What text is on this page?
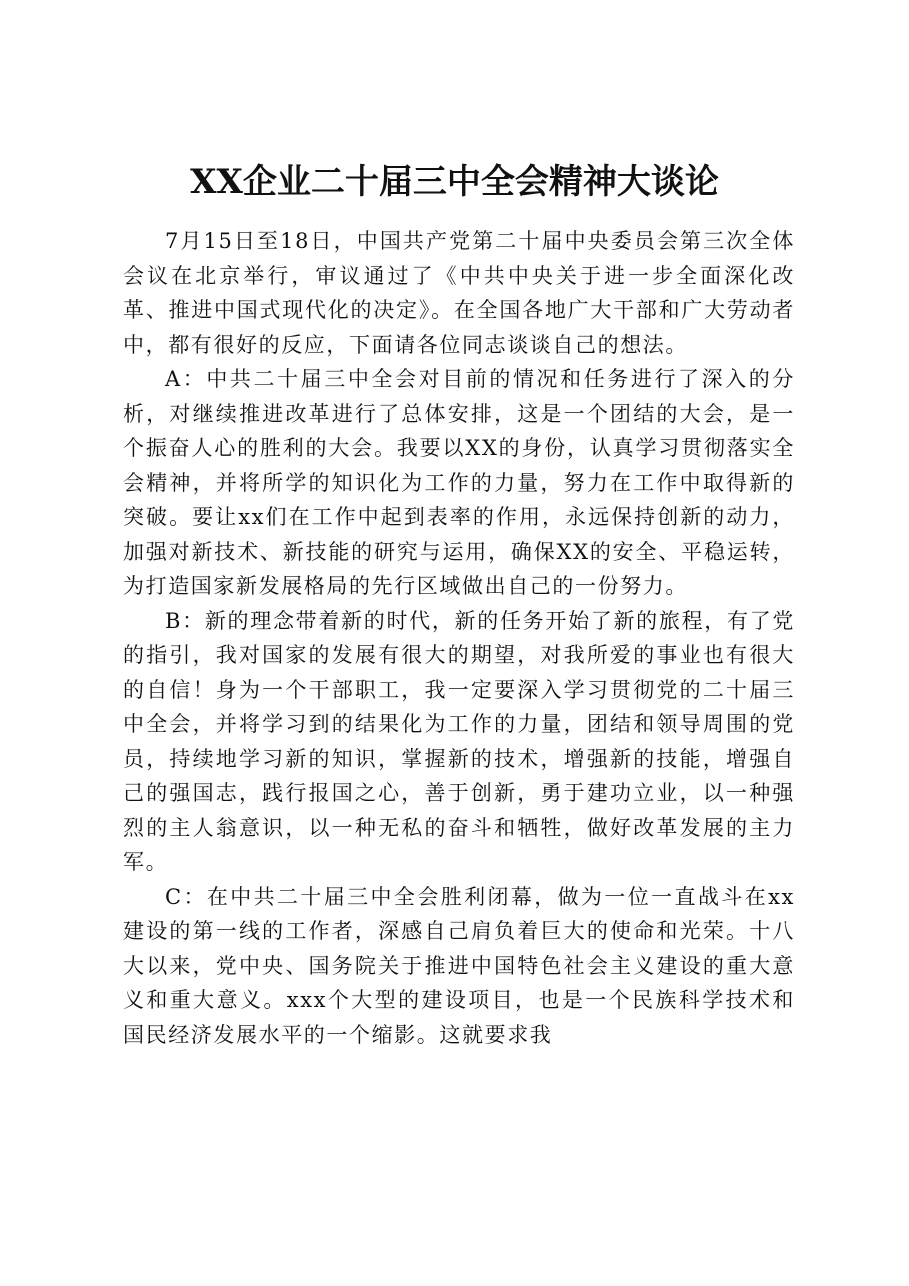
XX企业二十届三中全会精神大谈论

7月15日至18日，中国共产党第二十届中央委员会第三次全体会议在北京举行，审议通过了《中共中央关于进一步全面深化改革、推进中国式现代化的决定》。在全国各地广大干部和广大劳动者中，都有很好的反应，下面请各位同志谈谈自己的想法。

A：中共二十届三中全会对目前的情况和任务进行了深入的分析，对继续推进改革进行了总体安排，这是一个团结的大会，是一个振奋人心的胜利的大会。我要以XX的身份，认真学习贯彻落实全会精神，并将所学的知识化为工作的力量，努力在工作中取得新的突破。要让xx们在工作中起到表率的作用，永远保持创新的动力，加强对新技术、新技能的研究与运用，确保XX的安全、平稳运转，为打造国家新发展格局的先行区域做出自己的一份努力。

B：新的理念带着新的时代，新的任务开始了新的旅程，有了党的指引，我对国家的发展有很大的期望，对我所爱的事业也有很大的自信！身为一个干部职工，我一定要深入学习贯彻党的二十届三中全会，并将学习到的结果化为工作的力量，团结和领导周围的党员，持续地学习新的知识，掌握新的技术，增强新的技能，增强自己的强国志，践行报国之心，善于创新，勇于建功立业，以一种强烈的主人翁意识，以一种无私的奋斗和牺牲，做好改革发展的主力军。

C：在中共二十届三中全会胜利闭幕，做为一位一直战斗在xx建设的第一线的工作者，深感自己肩负着巨大的使命和光荣。十八大以来，党中央、国务院关于推进中国特色社会主义建设的重大意义和重大意义。xxx个大型的建设项目，也是一个民族科学技术和国民经济发展水平的一个缩影。这就要求我
